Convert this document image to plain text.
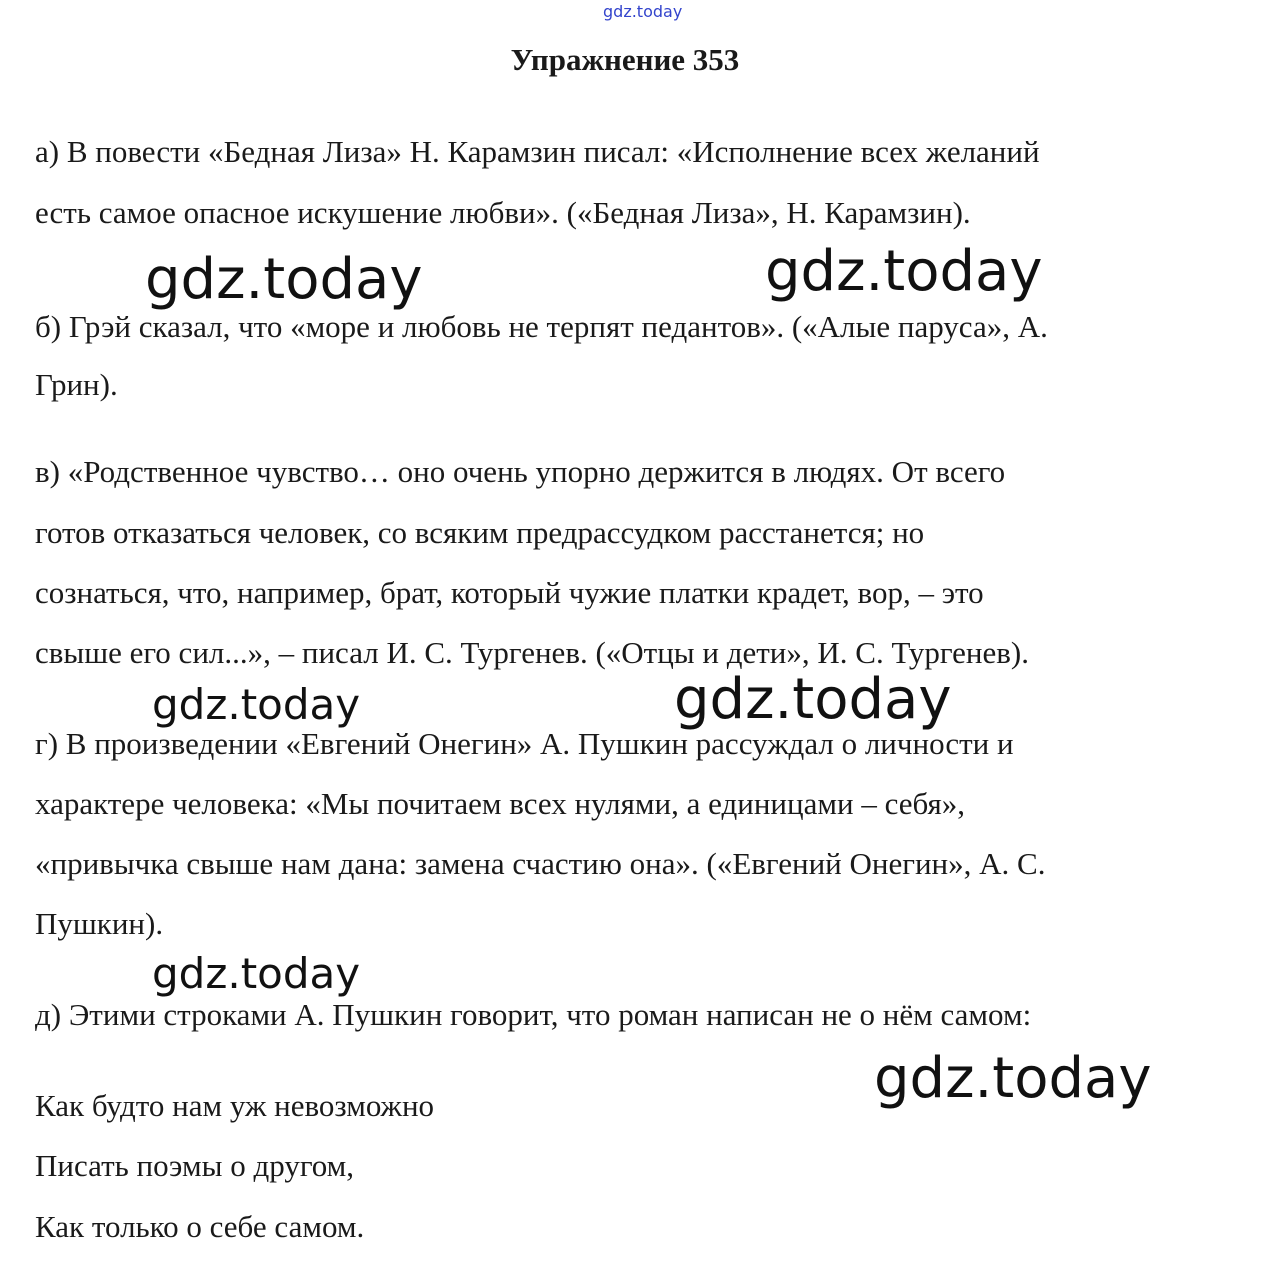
gdz.today
Упражнение 353
а) В повести «Бедная Лиза» Н. Карамзин писал: «Исполнение всех желаний
есть самое опасное искушение любви». («Бедная Лиза», Н. Карамзин).
б) Грэй сказал, что «море и любовь не терпят педантов». («Алые паруса», А.
Грин).
в) «Родственное чувство… оно очень упорно держится в людях. От всего
готов отказаться человек, со всяким предрассудком расстанется; но
сознаться, что, например, брат, который чужие платки крадет, вор, – это
свыше его сил...», – писал И. С. Тургенев. («Отцы и дети», И. С. Тургенев).
г) В произведении «Евгений Онегин» А. Пушкин рассуждал о личности и
характере человека: «Мы почитаем всех нулями, а единицами – себя»,
«привычка свыше нам дана: замена счастию она». («Евгений Онегин», А. С.
Пушкин).
д) Этими строками А. Пушкин говорит, что роман написан не о нём самом:
Как будто нам уж невозможно
Писать поэмы о другом,
Как только о себе самом.
gdz.today	gdz.today
gdz.today	gdz.today
gdz.today
gdz.today
